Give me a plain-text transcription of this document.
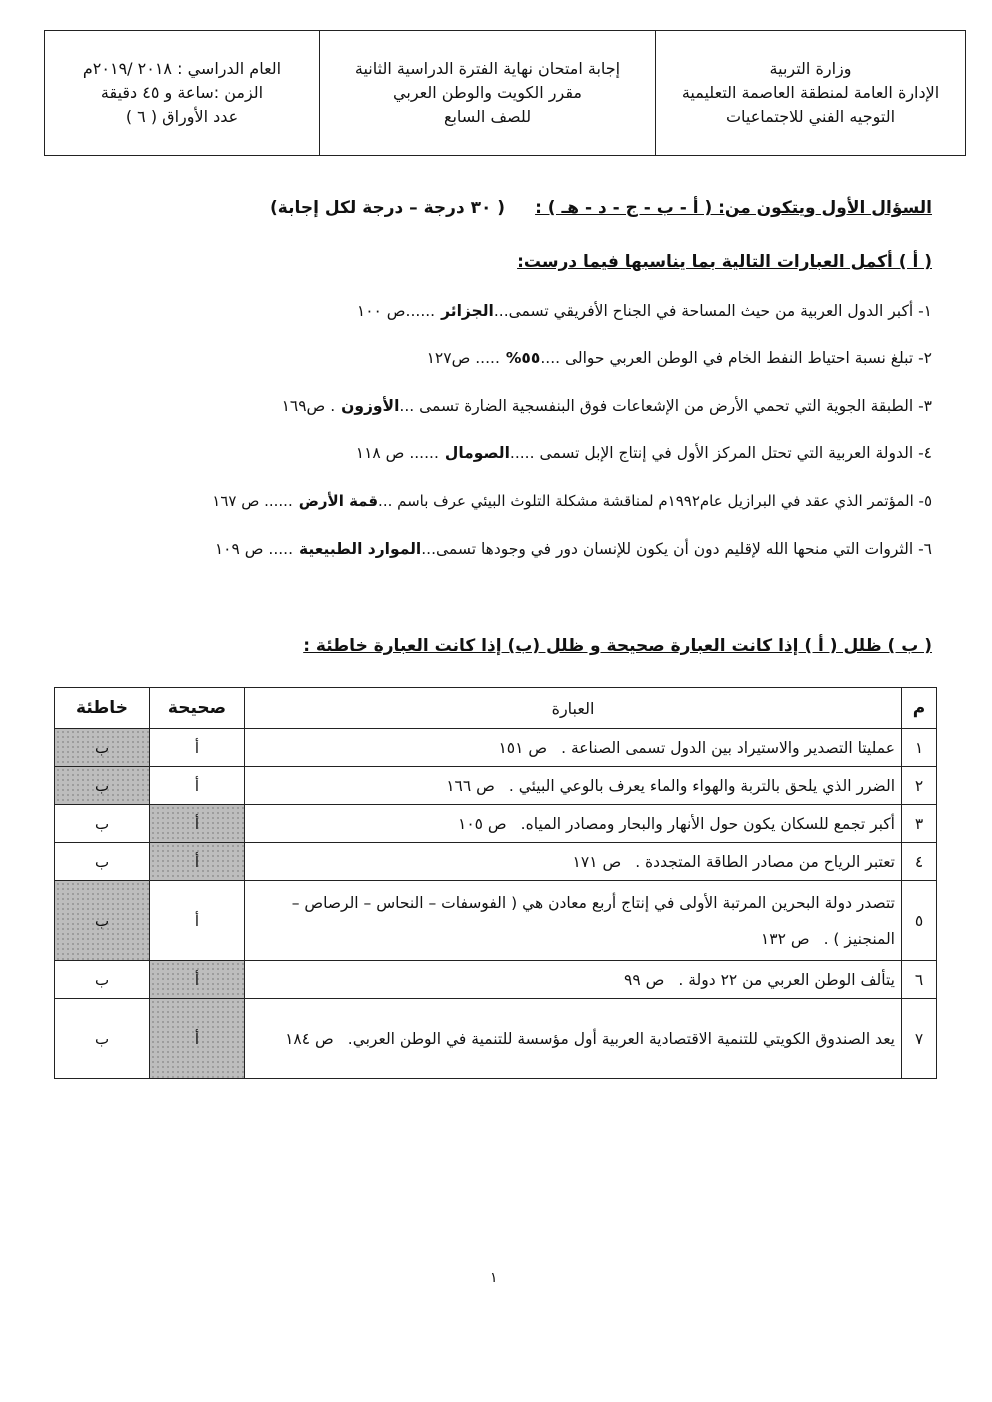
وزارة التربية
الإدارة العامة لمنطقة العاصمة التعليمية
التوجيه الفني للاجتماعيات
إجابة امتحان نهاية الفترة الدراسية الثانية
مقرر الكويت والوطن العربي
للصف السابع
العام الدراسي : ٢٠١٨ /٢٠١٩م
الزمن :ساعة و ٤٥ دقيقة
عدد الأوراق ( ٦ )
السؤال الأول ويتكون من: ( أ - ب - ج - د - هـ ) :( ٣٠ درجة – درجة لكل إجابة)
( أ ) أكمل العبارات التالية بما يناسبها فيما درست:
١- أكبر الدول العربية من حيث المساحة في الجناح الأفريقي تسمى...الجزائر......ص ١٠٠
٢- تبلغ نسبة احتياط النفط الخام في الوطن العربي حوالى ....٥٥%..... ص١٢٧
٣- الطبقة الجوية التي تحمي الأرض من الإشعاعات فوق البنفسجية الضارة تسمى ...الأوزون. ص١٦٩
٤- الدولة العربية التي تحتل المركز الأول في إنتاج الإبل تسمى .....الصومال...... ص ١١٨
٥- المؤتمر الذي عقد في البرازيل عام١٩٩٢م لمناقشة مشكلة التلوث البيئي عرف باسم ...قمة الأرض...... ص ١٦٧
٦- الثروات التي منحها الله لإقليم دون أن يكون للإنسان دور في وجودها تسمى...الموارد الطبيعية..... ص ١٠٩
( ب ) ظلل ( أ ) إذا كانت العبارة صحيحة و ظلل (ب) إذا كانت العبارة خاطئة :
م	العبارة	صحيحة	خاطئة
١	عمليتا التصدير والاستيراد بين الدول تسمى الصناعة .ص ١٥١	أ	ب
٢	الضرر الذي يلحق بالتربة والهواء والماء يعرف بالوعي البيئي .ص ١٦٦	أ	ب
٣	أكبر تجمع للسكان يكون حول الأنهار والبحار ومصادر المياه.ص ١٠٥	أ	ب
٤	تعتبر الرياح من مصادر الطاقة المتجددة .ص ١٧١	أ	ب
٥	تتصدر دولة البحرين المرتبة الأولى في إنتاج أربع معادن هي ( الفوسفات – النحاس – الرصاص – المنجنيز ) .ص ١٣٢	أ	ب
٦	يتألف الوطن العربي من ٢٢ دولة .ص ٩٩	أ	ب
٧	يعد الصندوق الكويتي للتنمية الاقتصادية العربية أول مؤسسة للتنمية في الوطن العربي.ص ١٨٤	أ	ب
١
